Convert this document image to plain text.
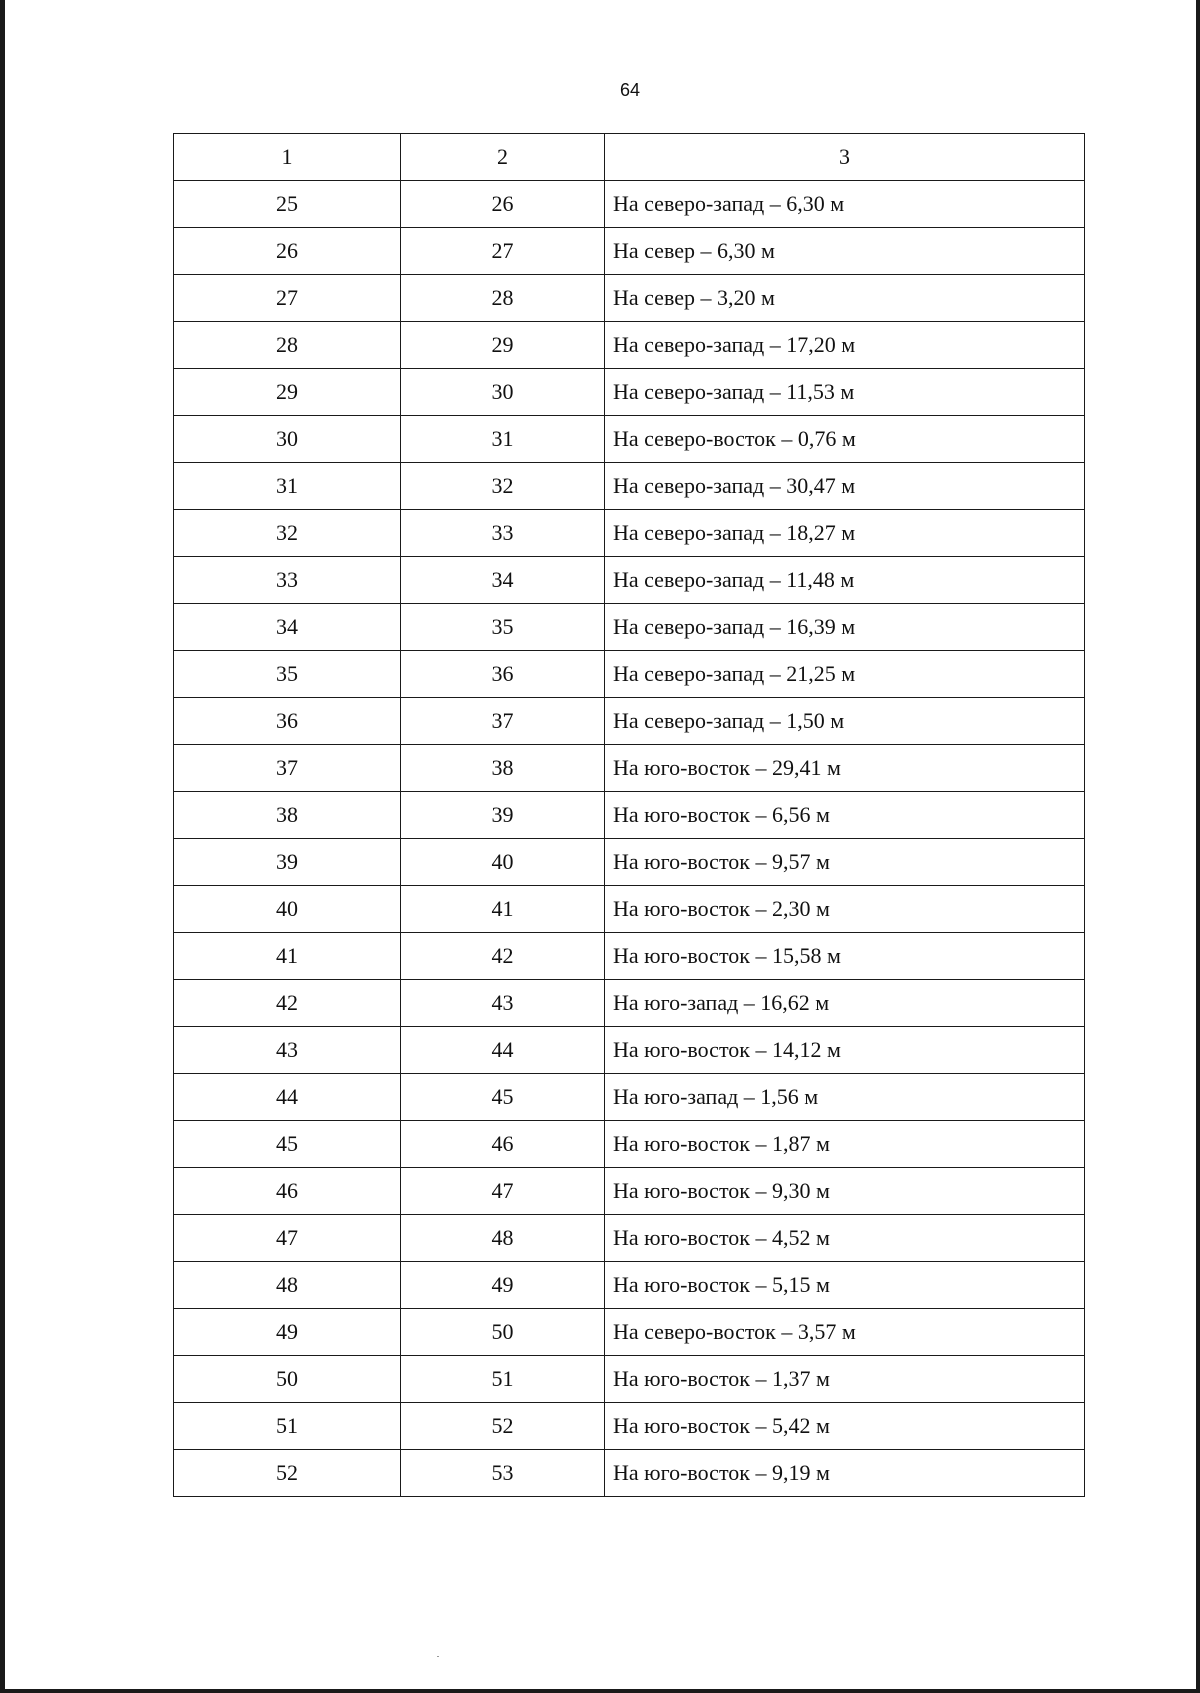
64
1	2	3
25	26	На северо-запад – 6,30 м
26	27	На север – 6,30 м
27	28	На север – 3,20 м
28	29	На северо-запад – 17,20 м
29	30	На северо-запад – 11,53 м
30	31	На северо-восток – 0,76 м
31	32	На северо-запад – 30,47 м
32	33	На северо-запад – 18,27 м
33	34	На северо-запад – 11,48 м
34	35	На северо-запад – 16,39 м
35	36	На северо-запад – 21,25 м
36	37	На северо-запад – 1,50 м
37	38	На юго-восток – 29,41 м
38	39	На юго-восток – 6,56 м
39	40	На юго-восток – 9,57 м
40	41	На юго-восток – 2,30 м
41	42	На юго-восток – 15,58 м
42	43	На юго-запад – 16,62 м
43	44	На юго-восток – 14,12 м
44	45	На юго-запад – 1,56 м
45	46	На юго-восток – 1,87 м
46	47	На юго-восток – 9,30 м
47	48	На юго-восток – 4,52 м
48	49	На юго-восток – 5,15 м
49	50	На северо-восток – 3,57 м
50	51	На юго-восток – 1,37 м
51	52	На юго-восток – 5,42 м
52	53	На юго-восток – 9,19 м
